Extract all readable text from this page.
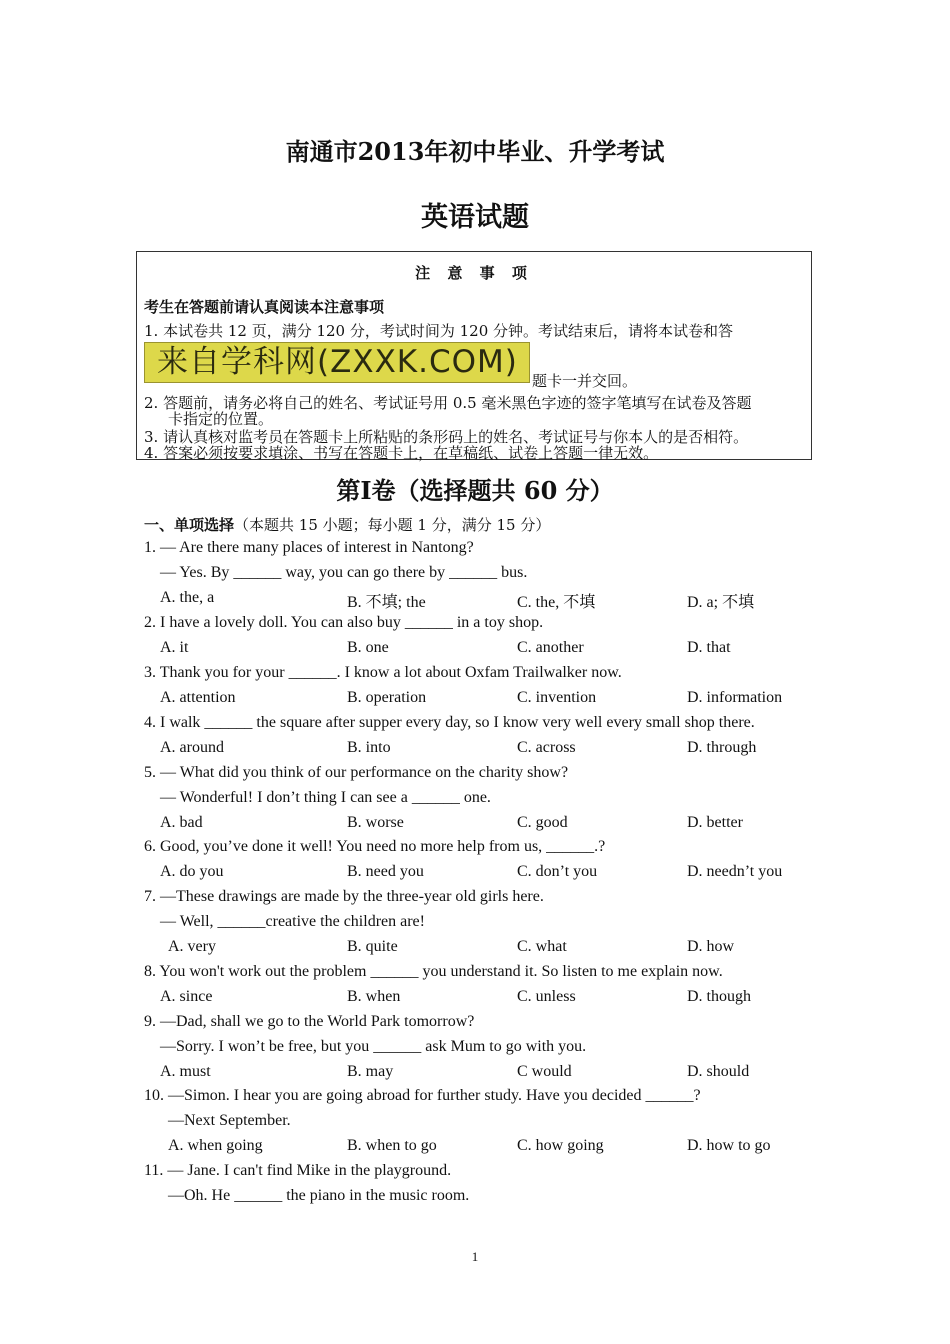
南通市2013年初中毕业、升学考试
英语试题
注 意 事 项
考生在答题前请认真阅读本注意事项
1. 本试卷共 12 页，满分 120 分，考试时间为 120 分钟。考试结束后，请将本试卷和答
来自学科网(ZXXK.COM)
题卡一并交回。
2. 答题前，请务必将自己的姓名、考试证号用 0.5 毫米黑色字迹的签字笔填写在试卷及答题
卡指定的位置。
3. 请认真核对监考员在答题卡上所粘贴的条形码上的姓名、考试证号与你本人的是否相符。
4. 答案必须按要求填涂、书写在答题卡上，在草稿纸、试卷上答题一律无效。
第Ⅰ卷（选择题共 60 分）
一、单项选择（本题共 15 小题；每小题 1 分，满分 15 分）
1. — Are there many places of interest in Nantong?
— Yes. By ______ way, you can go there by ______ bus.
A. the, a	B. 不填; the	C. the, 不填	D. a; 不填
2. I have a lovely doll. You can also buy ______ in a toy shop.
A. it	B. one	C. another	D. that
3. Thank you for your ______. I know a lot about Oxfam Trailwalker now.
A. attention	B. operation	C. invention	D. information
4. I walk ______ the square after supper every day, so I know very well every small shop there.
A. around	B. into	C. across	D. through
5. — What did you think of our performance on the charity show?
— Wonderful! I don’t thing I can see a ______ one.
A. bad	B. worse	C. good	D. better
6. Good, you’ve done it well! You need no more help from us, ______.?
A. do you	B. need you	C. don’t you	D. needn’t you
7. —These drawings are made by the three-year old girls here.
— Well, ______creative the children are!
A. very	B. quite	C. what	D. how
8. You won't work out the problem ______ you understand it. So listen to me explain now.
A. since	B. when	C. unless	D. though
9. —Dad, shall we go to the World Park tomorrow?
—Sorry. I won’t be free, but you ______ ask Mum to go with you.
A. must	B. may	C would	D. should
10. —Simon. I hear you are going abroad for further study. Have you decided ______?
—Next September.
A. when going	B. when to go	C. how going	D. how to go
11. — Jane. I can't find Mike in the playground.
—Oh. He ______ the piano in the music room.
1
